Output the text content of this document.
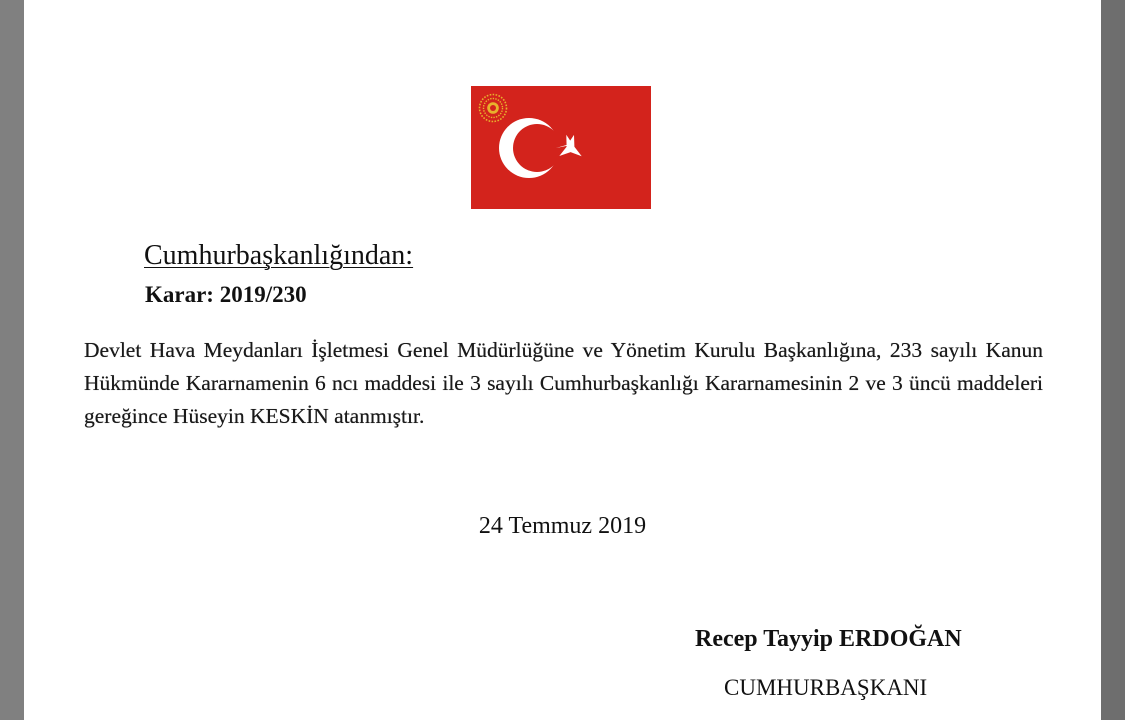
Cumhurbaşkanlığından:
Karar: 2019/230

Devlet Hava Meydanları İşletmesi Genel Müdürlüğüne ve Yönetim Kurulu Başkanlığına, 233 sayılı Kanun Hükmünde Kararnamenin 6 ncı maddesi ile 3 sayılı Cumhurbaşkanlığı Kararnamesinin 2 ve 3 üncü maddeleri gereğince Hüseyin KESKİN atanmıştır.

24 Temmuz 2019
Recep Tayyip ERDOĞAN
CUMHURBAŞKANI
